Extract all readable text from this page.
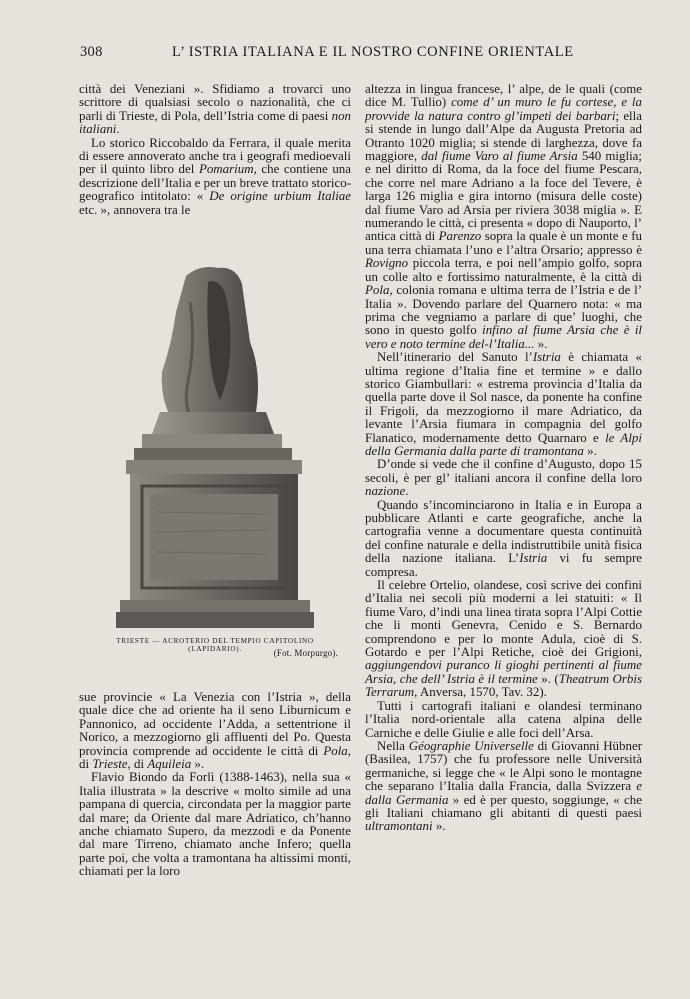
308	L’ ISTRIA ITALIANA E IL NOSTRO CONFINE ORIENTALE

città dei Veneziani ». Sfidiamo a trovarci uno scrittore di qualsiasi secolo o nazionalità, che ci parli di Trieste, di Pola, dell’Istria come di paesi non italiani.

Lo storico Riccobaldo da Ferrara, il quale merita di essere annoverato anche tra i geografi medioevali per il quinto libro del Pomarium, che contiene una descrizione dell’Italia e per un breve trattato storico-geografico intitolato: « De origine urbium Italiae etc. », annovera tra le

TRIESTE — ACROTERIO DEL TEMPIO CAPITOLINO (LAPIDARIO).	(Fot. Morpurgo).

sue provincie « La Venezia con l’Istria », della quale dice che ad oriente ha il seno Liburnicum e Pannonico, ad occidente l’Adda, a settentrione il Norico, a mezzogiorno gli affluenti del Po. Questa provincia comprende ad occidente le città di Pola, di Trieste, di Aquileia ».

Flavio Biondo da Forlì (1388-1463), nella sua « Italia illustrata » la descrive « molto simile ad una pampana di quercia, circondata per la maggior parte dal mare; da Oriente dal mare Adriatico, ch’hanno anche chiamato Supero, da mezzodì e da Ponente dal mare Tirreno, chiamato anche Infero; quella parte poi, che volta a tramontana ha altissimi monti, chiamati per la loro

altezza in lingua francese, l’ alpe, de le quali (come dice M. Tullio) come d’ un muro le fu cortese, e la provvide la natura contro gl’impeti dei barbari; ella si stende in lungo dall’Alpe da Augusta Pretoria ad Otranto 1020 miglia; si stende di larghezza, dove fa maggiore, dal fiume Varo al fiume Arsia 540 miglia; e nel diritto di Roma, da la foce del fiume Pescara, che corre nel mare Adriano a la foce del Tevere, è larga 126 miglia e gira intorno (misura delle coste) dal fiume Varo ad Arsia per riviera 3038 miglia ». E numerando le città, ci presenta « dopo di Nauporto, l’ antica città di Parenzo sopra la quale è un monte e fu una terra chiamata l’uno e l’altra Orsario; appresso è Rovigno piccola terra, e poi nell’ampio golfo, sopra un colle alto e fortissimo naturalmente, è la città di Pola, colonia romana e ultima terra de l’Istria e de l’ Italia ». Dovendo parlare del Quarnero nota: « ma prima che vegniamo a parlare di que’ luoghi, che sono in questo golfo infino al fiume Arsia che è il vero e noto termine del-l’Italia... ».

Nell’itinerario del Sanuto l’Istria è chiamata « ultima regione d’Italia fine et termine » e dallo storico Giambullari: « estrema provincia d’Italia da quella parte dove il Sol nasce, da ponente ha confine il Frigoli, da mezzogiorno il mare Adriatico, da levante l’Arsia fiumara in compagnia del golfo Flanatico, modernamente detto Quarnaro e le Alpi della Germania dalla parte di tramontana ».

D’onde si vede che il confine d’Augusto, dopo 15 secoli, è per gl’ italiani ancora il confine della loro nazione.

Quando s’incominciarono in Italia e in Europa a pubblicare Atlanti e carte geografiche, anche la cartografia venne a documentare questa continuità del confine naturale e della indistruttibile unità fisica della nazione italiana. L’Istria vi fu sempre compresa.

Il celebre Ortelio, olandese, così scrive dei confini d’Italia nei secoli più moderni a lei statuiti: « Il fiume Varo, d’indi una linea tirata sopra l’Alpi Cottie che li monti Genevra, Cenido e S. Bernardo comprendono e per lo monte Adula, cioè di S. Gotardo e per l’Alpi Retiche, cioè dei Grigioni, aggiungendovi puranco li gioghi pertinenti al fiume Arsia, che dell’ Istria è il termine ». (Theatrum Orbis Terrarum, Anversa, 1570, Tav. 32).

Tutti i cartografi italiani e olandesi terminano l’Italia nord-orientale alla catena alpina delle Carniche e delle Giulie e alle foci dell’Arsa.

Nella Géographie Universelle di Giovanni Hübner (Basilea, 1757) che fu professore nelle Università germaniche, si legge che « le Alpi sono le montagne che separano l’Italia dalla Francia, dalla Svizzera e dalla Germania » ed è per questo, soggiunge, « che gli Italiani chiamano gli abitanti di questi paesi ultramontani ».
